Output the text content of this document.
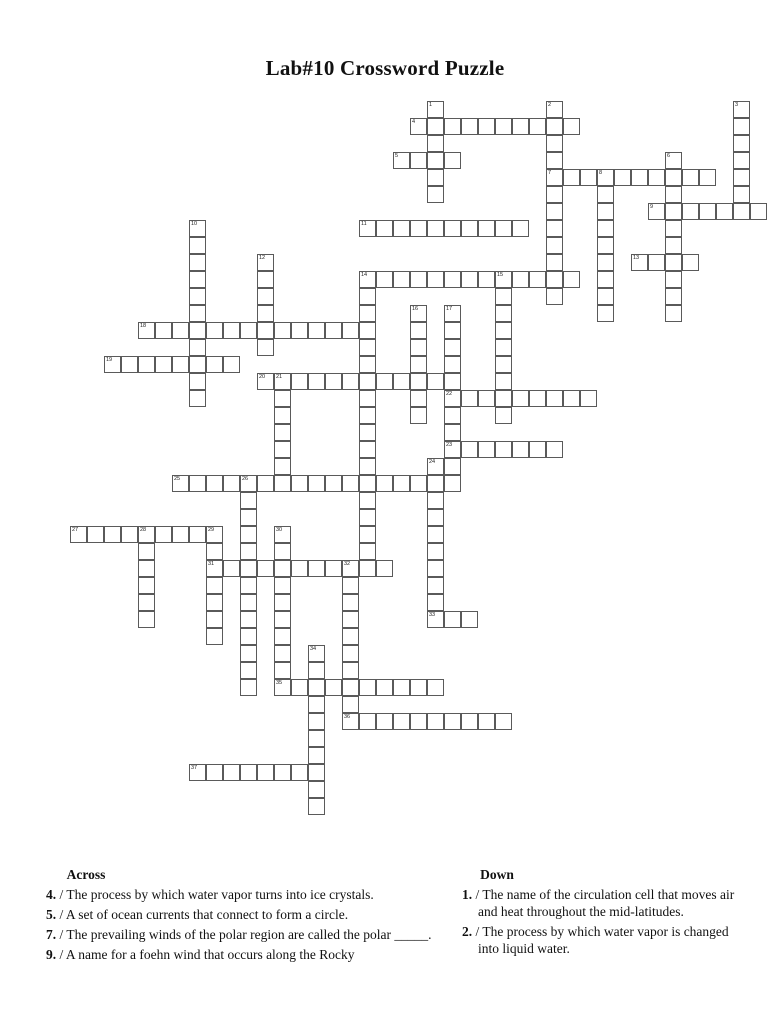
Lab#10 Crossword Puzzle
1	2
7
3
4
5	6
8
9
10	11
12	13
14	15
16	17
22
23
18
19
20 21
24
33
25	26
27	28	29
31
30
32
34
35
36
37
Across
4. / The process by which water vapor turns into ice crystals.
5. / A set of ocean currents that connect to form a circle.
7. / The prevailing winds of the polar region are called the polar _____.
9. / A name for a foehn wind that occurs along the Rocky
Down
1. / The name of the circulation cell that moves air and heat throughout the mid-latitudes.
2. / The process by which water vapor is changed into liquid water.
